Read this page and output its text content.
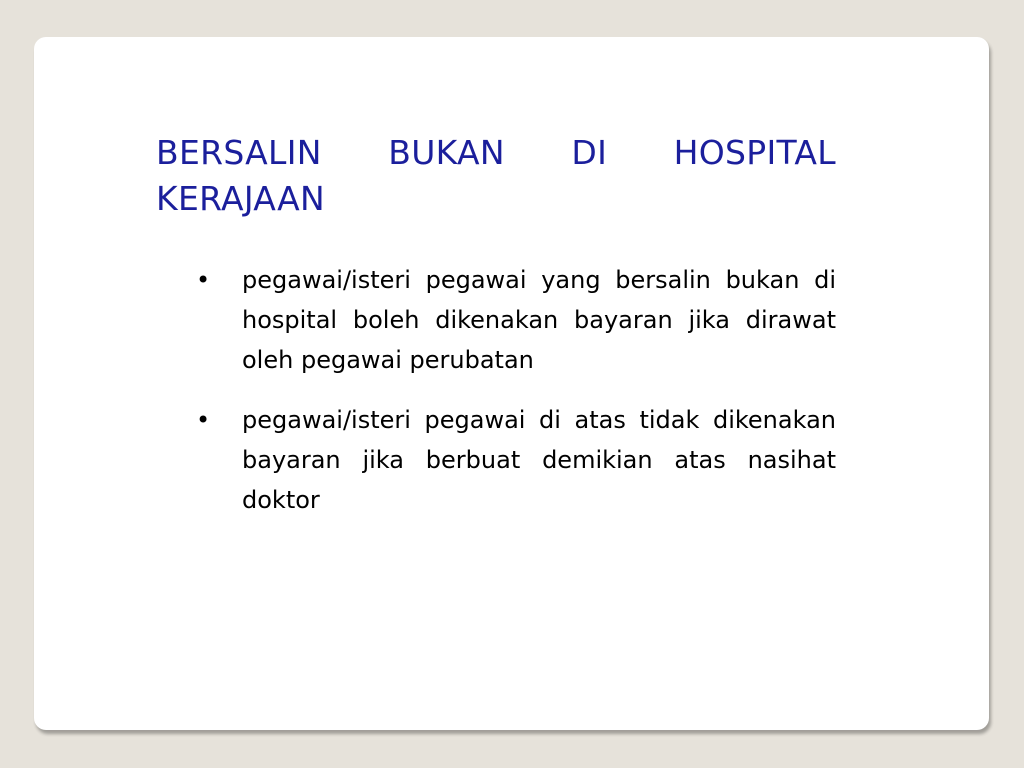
BERSALIN BUKAN DI HOSPITAL KERAJAAN
• pegawai/isteri pegawai yang bersalin bukan di hospital boleh dikenakan bayaran jika dirawat oleh pegawai perubatan
• pegawai/isteri pegawai di atas tidak dikenakan bayaran jika berbuat demikian atas nasihat doktor
